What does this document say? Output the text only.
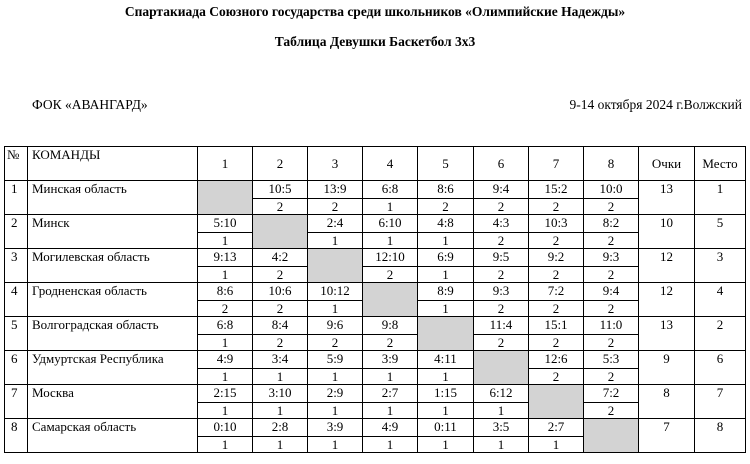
Спартакиада Союзного государства среди школьников «Олимпийские Надежды»
Таблица Девушки Баскетбол 3х3
ФОК «АВАНГАРД»	9-14 октября 2024 г.Волжский
№	КОМАНДЫ	1	2	3	4	5	6	7	8	Очки	Место
1	Минская область		10:5	13:9	6:8	8:6	9:4	15:2	10:0	13	1
			2	2	1	2	2	2	2		
2	Минск	5:10		2:4	6:10	4:8	4:3	10:3	8:2	10	5
		1		1	1	1	2	2	2		
3	Могилевская область	9:13	4:2		12:10	6:9	9:5	9:2	9:3	12	3
		1	2		2	1	2	2	2		
4	Гродненская область	8:6	10:6	10:12		8:9	9:3	7:2	9:4	12	4
		2	2	1		1	2	2	2		
5	Волгоградская область	6:8	8:4	9:6	9:8		11:4	15:1	11:0	13	2
		1	2	2	2		2	2	2		
6	Удмуртская Республика	4:9	3:4	5:9	3:9	4:11		12:6	5:3	9	6
		1	1	1	1	1		2	2		
7	Москва	2:15	3:10	2:9	2:7	1:15	6:12		7:2	8	7
		1	1	1	1	1	1		2		
8	Самарская область	0:10	2:8	3:9	4:9	0:11	3:5	2:7		7	8
		1	1	1	1	1	1	1			
